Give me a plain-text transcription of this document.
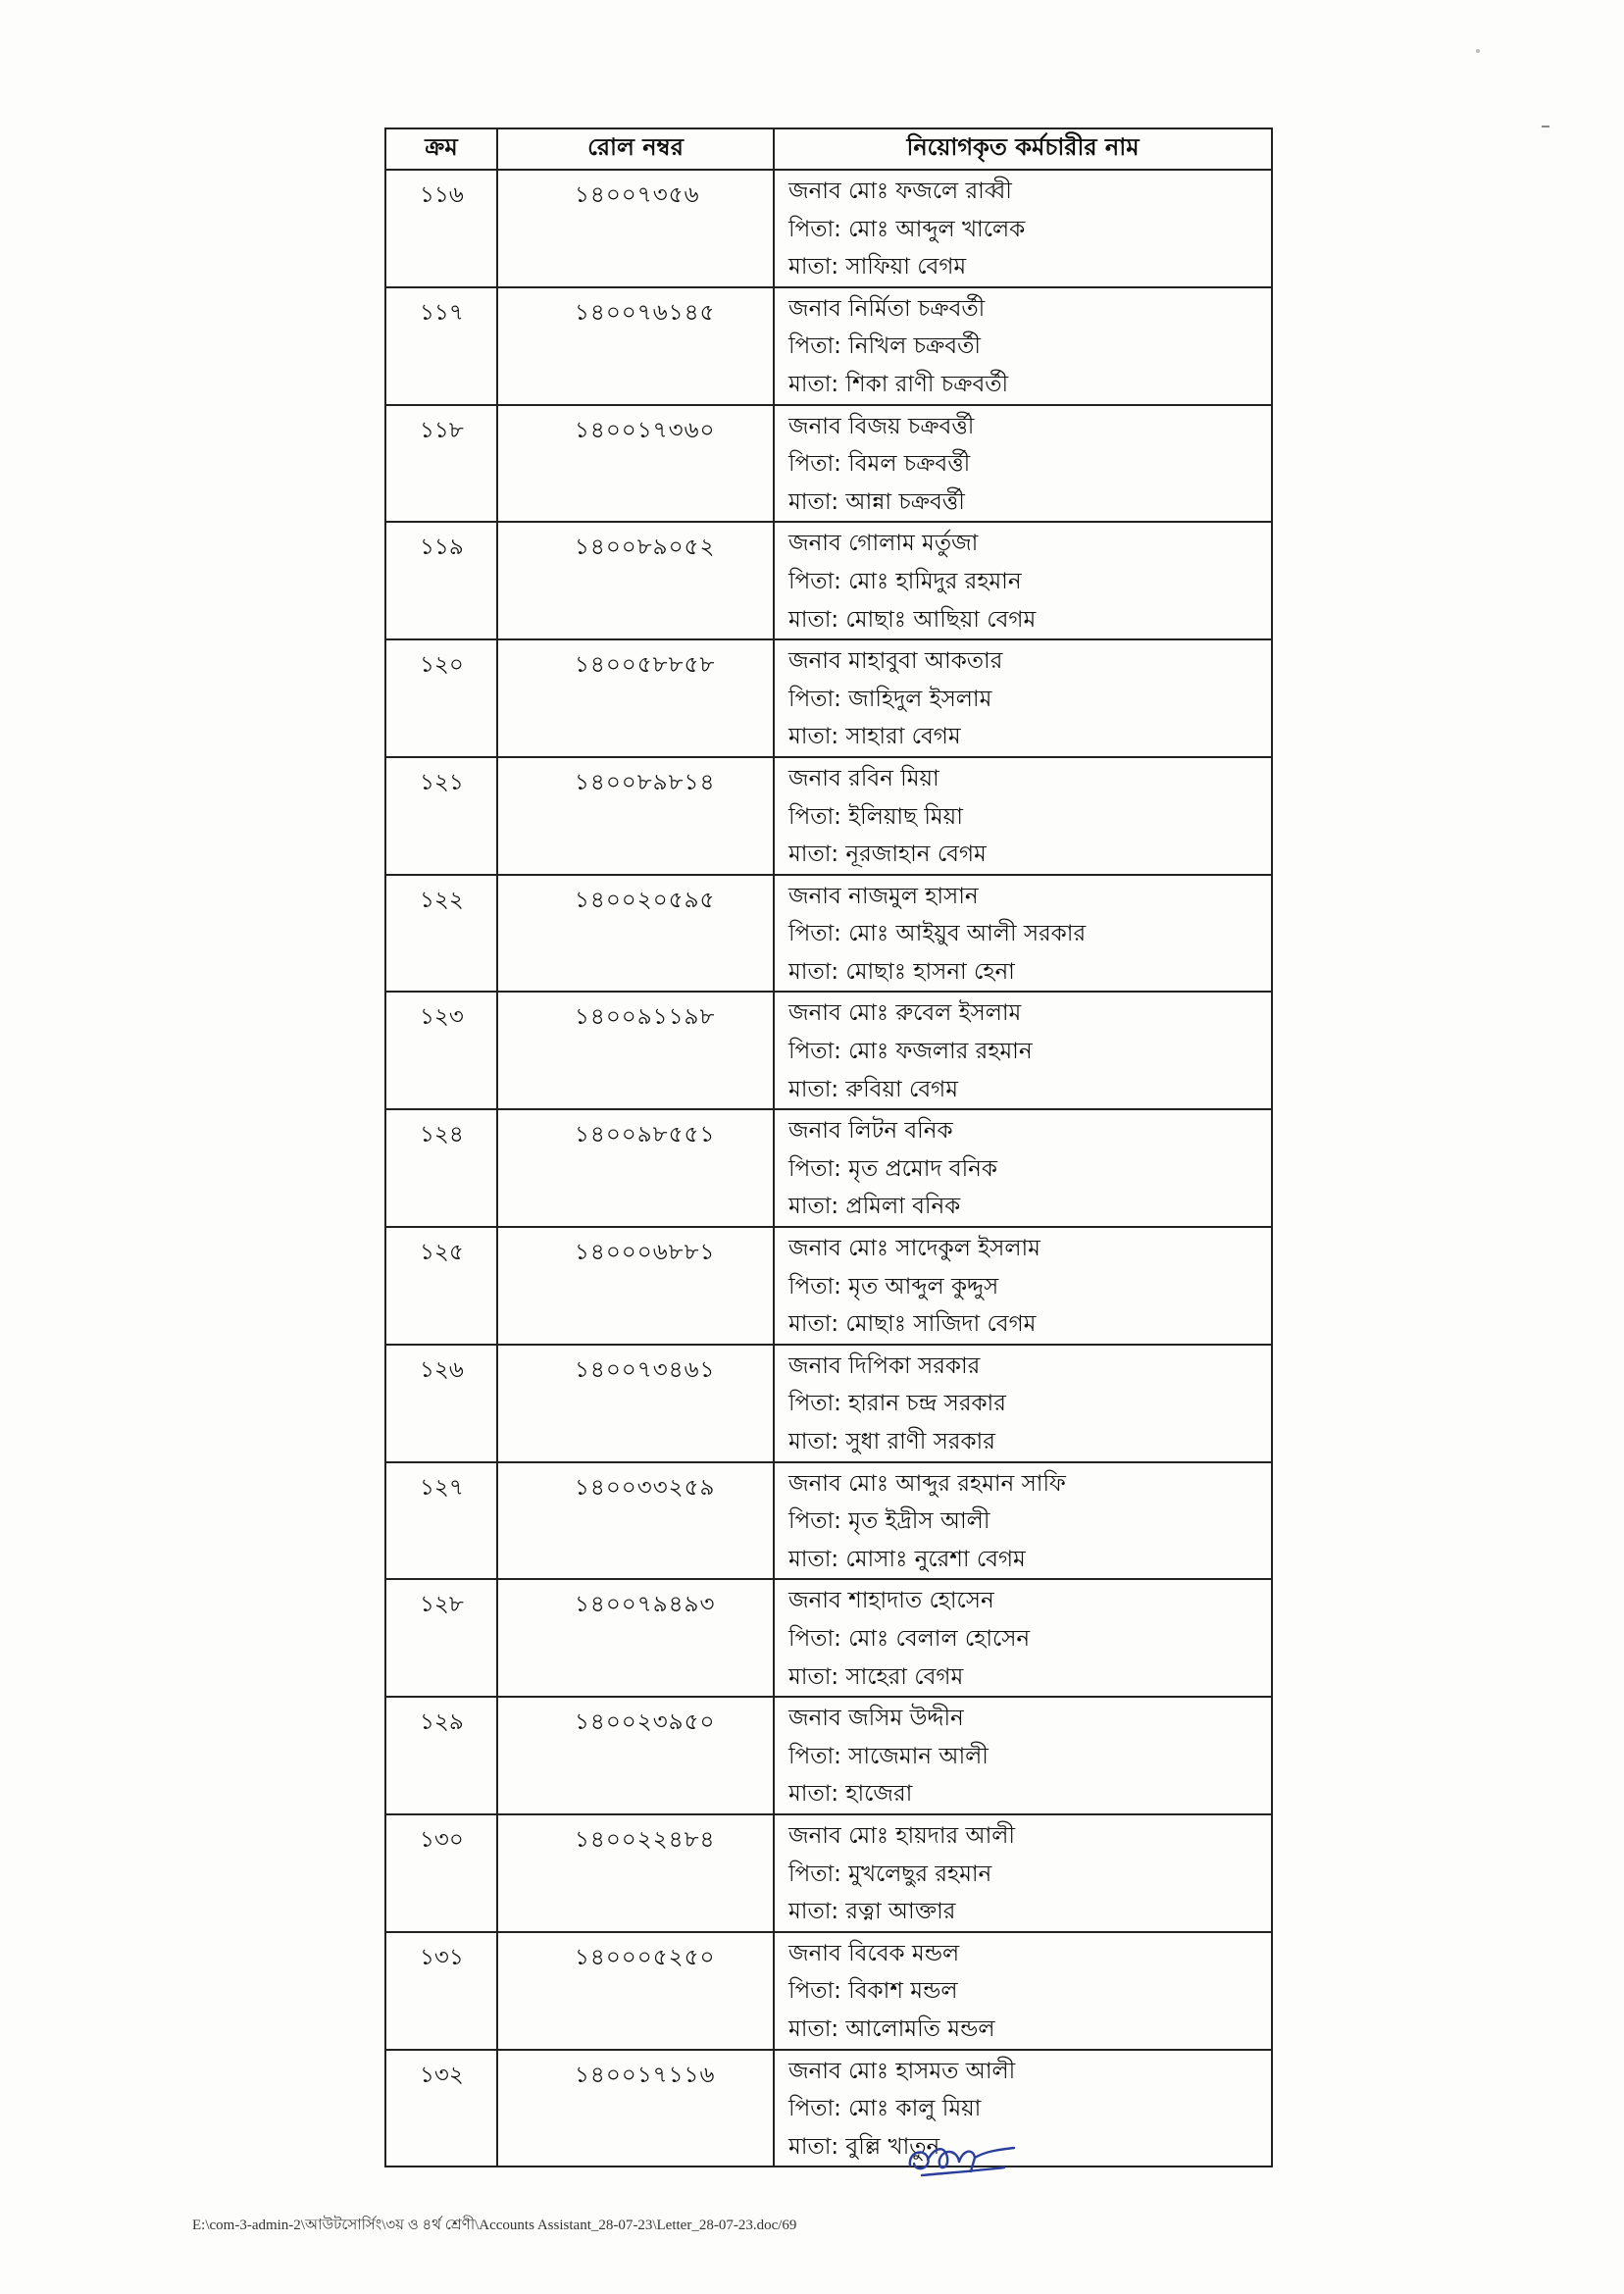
ক্রম	রোল নম্বর	নিয়োগকৃত কর্মচারীর নাম
১১৬	১৪০০৭৩৫৬	জনাব মোঃ ফজলে রাব্বী
পিতা: মোঃ আব্দুল খালেক
মাতা: সাফিয়া বেগম

১১৭	১৪০০৭৬১৪৫	জনাব নির্মিতা চক্রবর্তী
পিতা: নিখিল চক্রবর্তী
মাতা: শিকা রাণী চক্রবর্তী

১১৮	১৪০০১৭৩৬০	জনাব বিজয় চক্রবর্ত্তী
পিতা: বিমল চক্রবর্ত্তী
মাতা: আন্না চক্রবর্ত্তী

১১৯	১৪০০৮৯০৫২	জনাব গোলাম মর্তুজা
পিতা: মোঃ হামিদুর রহমান
মাতা: মোছাঃ আছিয়া বেগম

১২০	১৪০০৫৮৮৫৮	জনাব মাহাবুবা আকতার
পিতা: জাহিদুল ইসলাম
মাতা: সাহারা বেগম

১২১	১৪০০৮৯৮১৪	জনাব রবিন মিয়া
পিতা: ইলিয়াছ মিয়া
মাতা: নূরজাহান বেগম

১২২	১৪০০২০৫৯৫	জনাব নাজমুল হাসান
পিতা: মোঃ আইয়ুব আলী সরকার
মাতা: মোছাঃ হাসনা হেনা

১২৩	১৪০০৯১১৯৮	জনাব মোঃ রুবেল ইসলাম
পিতা: মোঃ ফজলার রহমান
মাতা: রুবিয়া বেগম

১২৪	১৪০০৯৮৫৫১	জনাব লিটন বনিক
পিতা: মৃত প্রমোদ বনিক
মাতা: প্রমিলা বনিক

১২৫	১৪০০০৬৮৮১	জনাব মোঃ সাদেকুল ইসলাম
পিতা: মৃত আব্দুল কুদ্দুস
মাতা: মোছাঃ সাজিদা বেগম

১২৬	১৪০০৭৩৪৬১	জনাব দিপিকা সরকার
পিতা: হারান চন্দ্র সরকার
মাতা: সুধা রাণী সরকার

১২৭	১৪০০৩৩২৫৯	জনাব মোঃ আব্দুর রহমান সাফি
পিতা: মৃত ইদ্রীস আলী
মাতা: মোসাঃ নুরেশা বেগম

১২৮	১৪০০৭৯৪৯৩	জনাব শাহাদাত হোসেন
পিতা: মোঃ বেলাল হোসেন
মাতা: সাহেরা বেগম

১২৯	১৪০০২৩৯৫০	জনাব জসিম উদ্দীন
পিতা: সাজেমান আলী
মাতা: হাজেরা

১৩০	১৪০০২২৪৮৪	জনাব মোঃ হায়দার আলী
পিতা: মুখলেছুর রহমান
মাতা: রত্না আক্তার

১৩১	১৪০০০৫২৫০	জনাব বিবেক মন্ডল
পিতা: বিকাশ মন্ডল
মাতা: আলোমতি মন্ডল

১৩২	১৪০০১৭১১৬	জনাব মোঃ হাসমত আলী
পিতা: মোঃ কালু মিয়া
মাতা: বুল্লি খাতুন
E:\com-3-admin-2\আউটসোর্সিং\৩য় ও ৪র্থ শ্রেণী\Accounts Assistant_28-07-23\Letter_28-07-23.doc/69
